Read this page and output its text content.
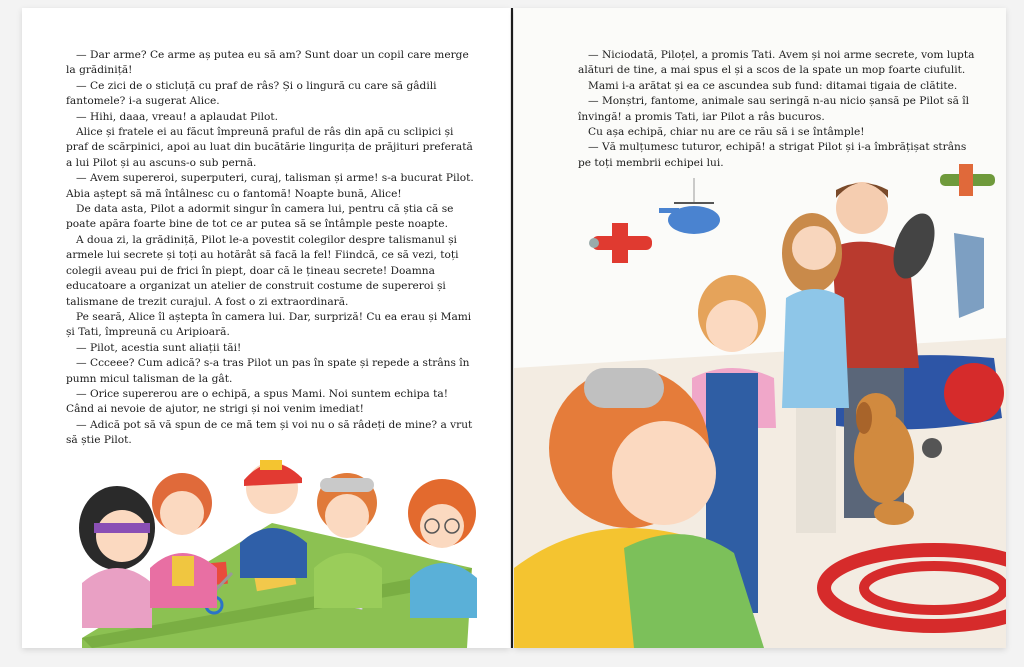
— Dar arme? Ce arme aș putea eu să am? Sunt doar un copil care merge la grădiniță!

— Ce zici de o sticluță cu praf de râs? Și o lingură cu care să gâdili fantomele? i-a sugerat Alice.

— Hihi, daaa, vreau! a aplaudat Pilot.

Alice și fratele ei au făcut împreună praful de râs din apă cu sclipici și praf de scărpinici, apoi au luat din bucătărie lingurița de prăjituri preferată a lui Pilot și au ascuns-o sub pernă.

— Avem supereroi, superputeri, curaj, talisman și arme! s-a bucurat Pilot. Abia aștept să mă întâlnesc cu o fantomă! Noapte bună, Alice!

De data asta, Pilot a adormit singur în camera lui, pentru că știa că se poate apăra foarte bine de tot ce ar putea să se întâmple peste noapte.

A doua zi, la grădiniță, Pilot le-a povestit colegilor despre talismanul și armele lui secrete și toți au hotărât să facă la fel! Fiindcă, ce să vezi, toți colegii aveau pui de frici în piept, doar că le țineau secrete! Doamna educatoare a organizat un atelier de construit costume de supereroi și talismane de trezit curajul. A fost o zi extraordinară.

Pe seară, Alice îl aștepta în camera lui. Dar, surpriză! Cu ea erau și Mami și Tati, împreună cu Aripioară.

— Pilot, acestia sunt aliații tăi!

— Ccceee? Cum adică? s-a tras Pilot un pas în spate și repede a strâns în pumn micul talisman de la gât.

— Orice supererou are o echipă, a spus Mami. Noi suntem echipa ta! Când ai nevoie de ajutor, ne strigi și noi venim imediat!

— Adică pot să vă spun de ce mă tem și voi nu o să râdeți de mine? a vrut să știe Pilot.

— Niciodată, Piloțel, a promis Tati. Avem și noi arme secrete, vom lupta alături de tine, a mai spus el și a scos de la spate un mop foarte ciufulit.

Mami i-a arătat și ea ce ascundea sub fund: ditamai tigaia de clătite.

— Monștri, fantome, animale sau seringă n-au nicio șansă pe Pilot să îl învingă! a promis Tati, iar Pilot a râs bucuros.

Cu așa echipă, chiar nu are ce rău să i se întâmple!

— Vă mulțumesc tuturor, echipă! a strigat Pilot și i-a îmbrățișat strâns pe toți membrii echipei lui.
